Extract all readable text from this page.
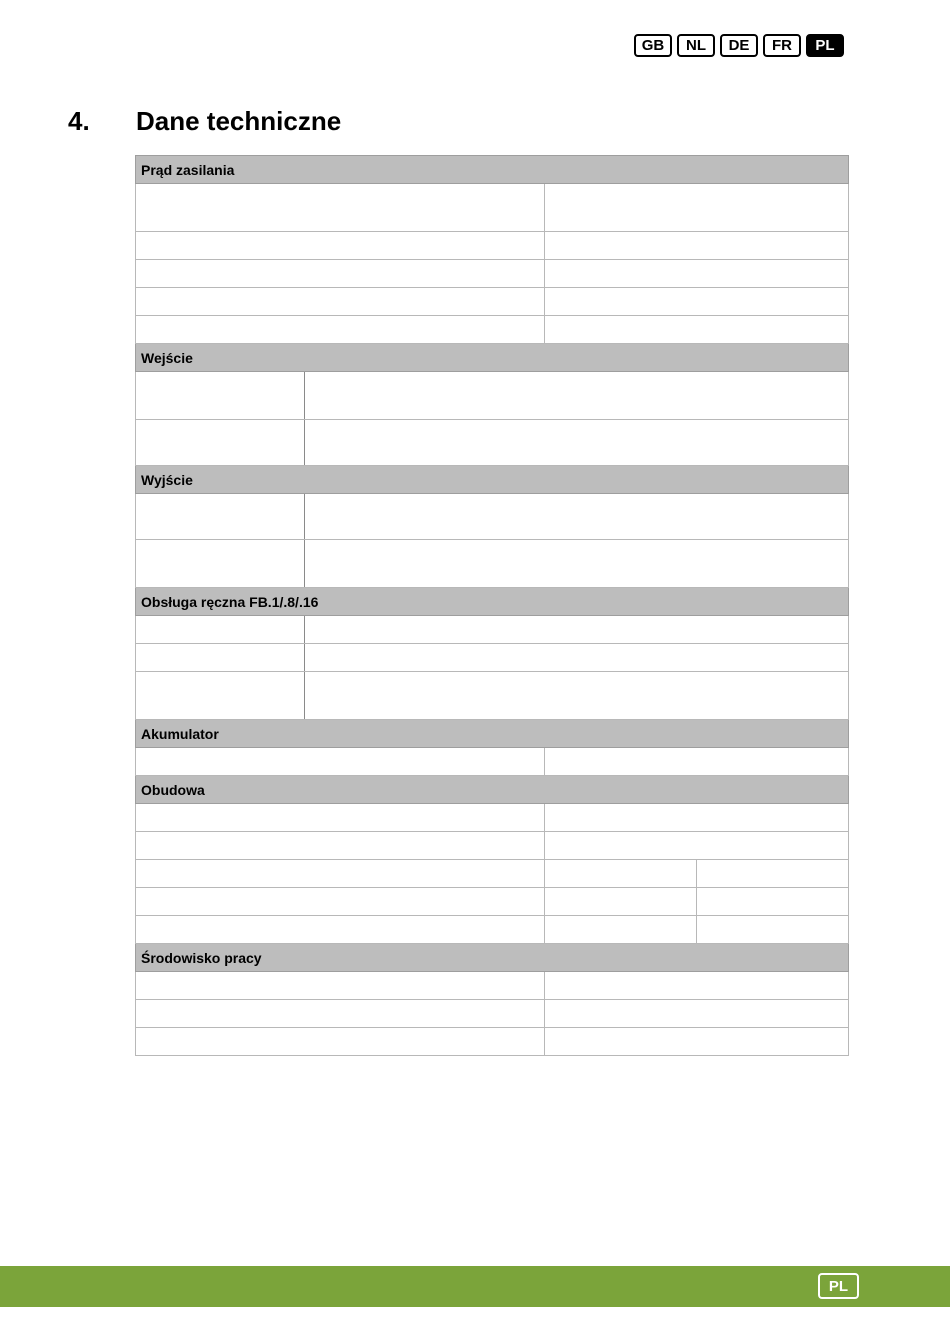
GB	NL	DE	FR	PL
4. Dane techniczne
Prąd zasilania			

Wejście			

Wyjście			

Obsługa ręczna FB.1/.8/.16			

Akumulator			

Obudowa			

Środowisko pracy			

PL
